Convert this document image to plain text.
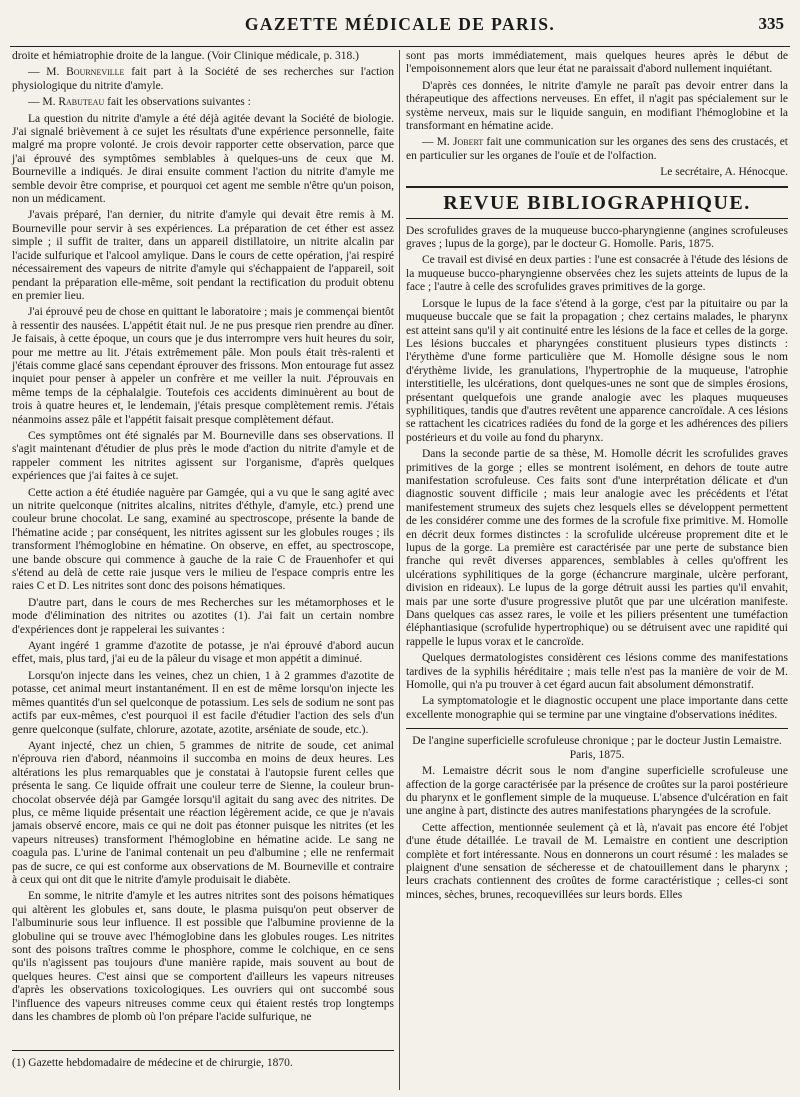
GAZETTE MÉDICALE DE PARIS.	335

droite et hémiatrophie droite de la langue. (Voir Clinique médicale, p. 318.)

— M. Bourneville fait part à la Société de ses recherches sur l'action physiologique du nitrite d'amyle.

— M. Rabuteau fait les observations suivantes :

La question du nitrite d'amyle a été déjà agitée devant la Société de biologie. J'ai signalé brièvement à ce sujet les résultats d'une expérience personnelle, faite malgré ma propre volonté. Je crois devoir rapporter cette observation, parce que j'ai éprouvé des symptômes semblables à quelques-uns de ceux que M. Bourneville a indiqués. Je dirai ensuite comment l'action du nitrite d'amyle me semble devoir être comprise, et pourquoi cet agent me semble n'être qu'un poison, non un médicament.

J'avais préparé, l'an dernier, du nitrite d'amyle qui devait être remis à M. Bourneville pour servir à ses expériences. La préparation de cet éther est assez simple ; il suffit de traiter, dans un appareil distillatoire, un nitrite alcalin par l'acide sulfurique et l'alcool amylique. Dans le cours de cette opération, j'ai respiré nécessairement des vapeurs de nitrite d'amyle qui s'échappaient de l'appareil, soit pendant la préparation elle-même, soit pendant la rectification du produit obtenu en premier lieu.

J'ai éprouvé peu de chose en quittant le laboratoire ; mais je commençai bientôt à ressentir des nausées. L'appétit était nul. Je ne pus presque rien prendre au dîner. Je faisais, à cette époque, un cours que je dus interrompre vers huit heures du soir, pour me mettre au lit. J'étais extrêmement pâle. Mon pouls était très-ralenti et j'étais comme glacé sans cependant éprouver des frissons. Mon entourage fut assez inquiet pour penser à appeler un confrère et me veiller la nuit. J'éprouvais en même temps de la céphalalgie. Toutefois ces accidents diminuèrent au bout de trois à quatre heures et, le lendemain, j'étais presque complètement remis. J'étais néanmoins assez pâle et l'appétit faisait presque complètement défaut.

Ces symptômes ont été signalés par M. Bourneville dans ses observations. Il s'agit maintenant d'étudier de plus près le mode d'action du nitrite d'amyle et de rappeler comment les nitrites agissent sur l'organisme, d'après quelques expériences que j'ai faites à ce sujet.

Cette action a été étudiée naguère par Gamgée, qui a vu que le sang agité avec un nitrite quelconque (nitrites alcalins, nitrites d'éthyle, d'amyle, etc.) prend une couleur brune chocolat. Le sang, examiné au spectroscope, présente la bande de l'hématine acide ; par conséquent, les nitrites agissent sur les globules rouges ; ils transforment l'hémoglobine en hématine. On observe, en effet, au spectroscope, une bande obscure qui commence à gauche de la raie C de Frauenhofer et qui s'étend au delà de cette raie jusque vers le milieu de l'espace compris entre les raies C et D. Les nitrites sont donc des poisons hématiques.

D'autre part, dans le cours de mes Recherches sur les métamorphoses et le mode d'élimination des nitrites ou azotites (1). J'ai fait un certain nombre d'expériences dont je rappelerai les suivantes :

Ayant ingéré 1 gramme d'azotite de potasse, je n'ai éprouvé d'abord aucun effet, mais, plus tard, j'ai eu de la pâleur du visage et mon appétit a diminué.

Lorsqu'on injecte dans les veines, chez un chien, 1 à 2 grammes d'azotite de potasse, cet animal meurt instantanément. Il en est de même lorsqu'on injecte les mêmes quantités d'un sel quelconque de potassium. Les sels de sodium ne sont pas actifs par eux-mêmes, c'est pourquoi il est facile d'étudier l'action des sels d'un genre quelconque (sulfate, chlorure, azotate, azotite, arséniate de soude, etc.).

Ayant injecté, chez un chien, 5 grammes de nitrite de soude, cet animal n'éprouva rien d'abord, néanmoins il succomba en moins de deux heures. Les altérations les plus remarquables que je constatai à l'autopsie furent celles que présenta le sang. Ce liquide offrait une couleur terre de Sienne, la couleur brun-chocolat observée déjà par Gamgée lorsqu'il agitait du sang avec des nitrites. De plus, ce même liquide présentait une réaction légèrement acide, ce que je n'avais jamais observé encore, mais ce qui ne doit pas étonner puisque les nitrites (et les vapeurs nitreuses) transforment l'hémoglobine en hématine acide. Le sang ne coagula pas. L'urine de l'animal contenait un peu d'albumine ; elle ne renfermait pas de sucre, ce qui est conforme aux observations de M. Bourneville et contraire à ceux qui ont dit que le nitrite d'amyle produisait le diabète.

En somme, le nitrite d'amyle et les autres nitrites sont des poisons hématiques qui altèrent les globules et, sans doute, le plasma puisqu'on peut observer de l'albuminurie sous leur influence. Il est possible que l'albumine provienne de la globuline qui se trouve avec l'hémoglobine dans les globules rouges. Les nitrites sont des poisons traîtres comme le phosphore, comme le colchique, en ce sens qu'ils n'agissent pas toujours d'une manière rapide, mais souvent au bout de quelques heures. C'est ainsi que se comportent d'ailleurs les vapeurs nitreuses d'après les observations toxicologiques. Les ouvriers qui ont succombé sous l'influence des vapeurs nitreuses comme ceux qui étaient restés trop longtemps dans les chambres de plomb où l'on prépare l'acide sulfurique, ne

(1) Gazette hebdomadaire de médecine et de chirurgie, 1870.

sont pas morts immédiatement, mais quelques heures après le début de l'empoisonnement alors que leur état ne paraissait d'abord nullement inquiétant.

D'après ces données, le nitrite d'amyle ne paraît pas devoir entrer dans la thérapeutique des affections nerveuses. En effet, il n'agit pas spécialement sur le système nerveux, mais sur le liquide sanguin, en modifiant l'hémoglobine et la transformant en hématine acide.

— M. Jobert fait une communication sur les organes des sens des crustacés, et en particulier sur les organes de l'ouïe et de l'olfaction.

Le secrétaire, A. Hénocque.

REVUE BIBLIOGRAPHIQUE.

Des scrofulides graves de la muqueuse bucco-pharyngienne (angines scrofuleuses graves ; lupus de la gorge), par le docteur G. Homolle. Paris, 1875.

Ce travail est divisé en deux parties : l'une est consacrée à l'étude des lésions de la muqueuse bucco-pharyngienne observées chez les sujets atteints de lupus de la face ; l'autre à celle des scrofulides graves primitives de la gorge.

Lorsque le lupus de la face s'étend à la gorge, c'est par la pituitaire ou par la muqueuse buccale que se fait la propagation ; chez certains malades, le pharynx est atteint sans qu'il y ait continuité entre les lésions de la face et celles de la gorge. Les lésions buccales et pharyngées constituent plusieurs types distincts : l'érythème d'une forme particulière que M. Homolle désigne sous le nom d'érythème livide, les granulations, l'hypertrophie de la muqueuse, l'atrophie interstitielle, les ulcérations, dont quelques-unes ne sont que de simples érosions, présentant quelquefois une grande analogie avec les plaques muqueuses syphilitiques, tandis que d'autres revêtent une apparence cancroïdale. A ces lésions se rattachent les cicatrices radiées du fond de la gorge et les adhérences des piliers postérieurs et du voile au fond du pharynx.

Dans la seconde partie de sa thèse, M. Homolle décrit les scrofulides graves primitives de la gorge ; elles se montrent isolément, en dehors de toute autre manifestation scrofuleuse. Ces faits sont d'une interprétation délicate et d'un diagnostic souvent difficile ; mais leur analogie avec les précédents et l'état manifestement strumeux des sujets chez lesquels elles se développent permettent de les considérer comme une des formes de la scrofule fixe primitive. M. Homolle en décrit deux formes distinctes : la scrofulide ulcéreuse proprement dite et le lupus de la gorge. La première est caractérisée par une perte de substance bien franche qui revêt diverses apparences, semblables à celles qu'offrent les ulcérations syphilitiques de la gorge (échancrure marginale, ulcère perforant, division en rideaux). Le lupus de la gorge détruit aussi les parties qu'il envahit, mais par une sorte d'usure progressive plutôt que par une ulcération manifeste. Dans quelques cas assez rares, le voile et les piliers présentent une tuméfaction éléphantiasique (scrofulide hypertrophique) ou se détruisent avec une rapidité qui rappelle le lupus vorax et le cancroïde.

Quelques dermatologistes considèrent ces lésions comme des manifestations tardives de la syphilis héréditaire ; mais telle n'est pas la manière de voir de M. Homolle, qui n'a pu trouver à cet égard aucun fait absolument démonstratif.

La symptomatologie et le diagnostic occupent une place importante dans cette excellente monographie qui se termine par une vingtaine d'observations inédites.

De l'angine superficielle scrofuleuse chronique ; par le docteur Justin Lemaistre. Paris, 1875.

M. Lemaistre décrit sous le nom d'angine superficielle scrofuleuse une affection de la gorge caractérisée par la présence de croûtes sur la paroi postérieure du pharynx et le gonflement simple de la muqueuse. L'absence d'ulcération en fait une angine à part, distincte des autres manifestations pharyngées de la scrofule.

Cette affection, mentionnée seulement çà et là, n'avait pas encore été l'objet d'une étude détaillée. Le travail de M. Lemaistre en contient une description complète et fort intéressante. Nous en donnerons un court résumé : les malades se plaignent d'une sensation de sécheresse et de chatouillement dans le pharynx ; leurs crachats contiennent des croûtes de forme caractéristique ; celles-ci sont minces, sèches, brunes, recoquevillées sur leurs bords. Elles
